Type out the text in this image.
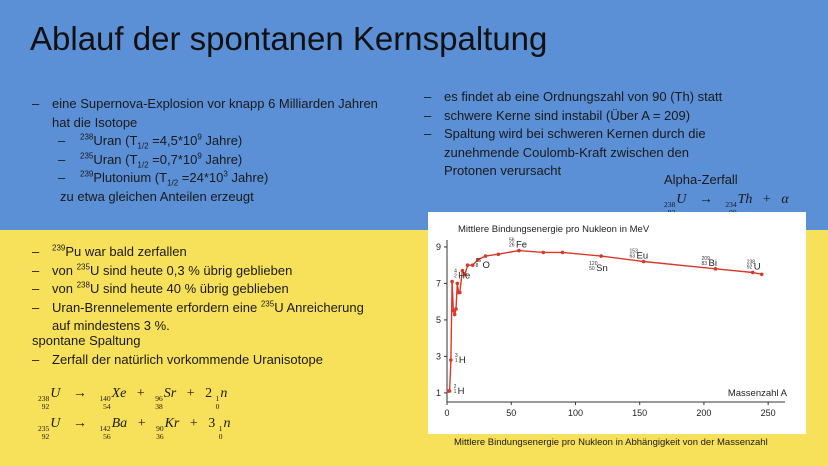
Ablauf der spontanen Kernspaltung
– eine Supernova-Explosion vor knapp 6 Milliarden Jahren
hat die Isotope
– $^{238}$Uran ($T_{1/2} =4,5*10^9$ Jahre)
– $^{235}$Uran ($T_{1/2} =0,7*10^9$ Jahre)
– $^{239}$Plutonium ($T_{1/2} =24*10^3$ Jahre)
zu etwa gleichen Anteilen erzeugt
– es findet ab eine Ordnungszahl von 90 (Th) statt
– schwere Kerne sind instabil (Über A = 209)
– Spaltung wird bei schweren Kernen durch die
zunehmende Coulomb-Kraft zwischen den
Protonen verursacht
– $^{239}$Pu war bald zerfallen
– von $^{235}$U sind heute 0,3 % übrig geblieben
– von $^{238}$U sind heute 40 % übrig geblieben
– Uran-Brennelemente erfordern eine $^{235}$U Anreicherung
auf mindestens 3 %.
spontane Spaltung
– Zerfall der natürlich vorkommende Uranisotope
238
92
U → 140
54
Xe + 96
38
Sr + 2 1
0
n
235
92
U → 142
56
Ba + 90
36
Kr + 3 1
0
n
Alpha-Zerfall
238 U → 234 Th + α
Mittlere Bindungsenergie pro Nukleon in MeV
0	50	100	150	200	250
1
3
5
7
9
Massenzahl A
4
2 He
16
8 O
3
1 H
2
1 H
56
26 Fe
120
50 Sn
153
63 Eu	209
83 Bi	238
92 U
Mittlere Bindungsenergie pro Nukleon in Abhängigkeit von der Massenzahl
